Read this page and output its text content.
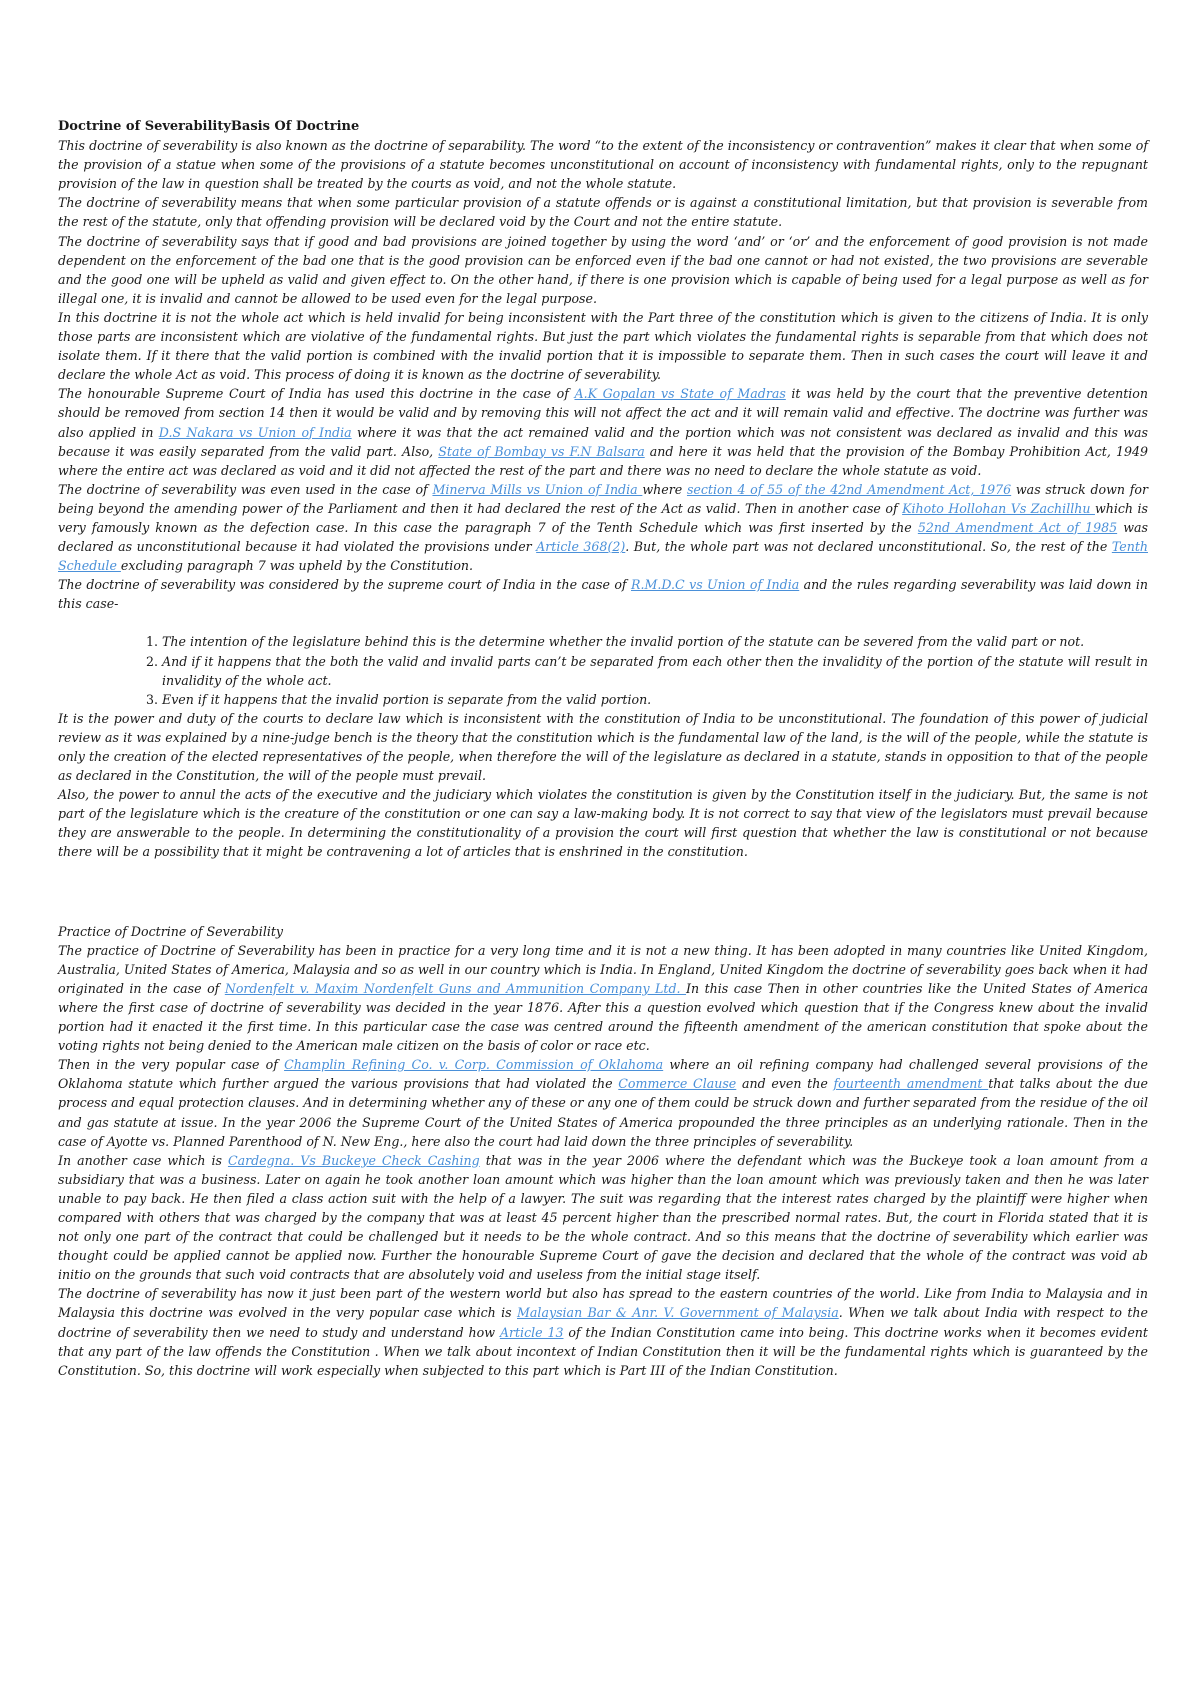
Doctrine of SeverabilityBasis Of Doctrine

This doctrine of severability is also known as the doctrine of separability. The word “to the extent of the inconsistency or contravention” makes it clear that when some of the provision of a statue when some of the provisions of a statute becomes unconstitutional on account of inconsistency with fundamental rights, only to the repugnant provision of the law in question shall be treated by the courts as void, and not the whole statute.

The doctrine of severability means that when some particular provision of a statute offends or is against a constitutional limitation, but that provision is severable from the rest of the statute, only that offending provision will be declared void by the Court and not the entire statute.

The doctrine of severability says that if good and bad provisions are joined together by using the word ‘and’ or ‘or’ and the enforcement of good provision is not made dependent on the enforcement of the bad one that is the good provision can be enforced even if the bad one cannot or had not existed, the two provisions are severable and the good one will be upheld as valid and given effect to. On the other hand, if there is one provision which is capable of being used for a legal purpose as well as for illegal one, it is invalid and cannot be allowed to be used even for the legal purpose.

In this doctrine it is not the whole act which is held invalid for being inconsistent with the Part three of the constitution which is given to the citizens of India. It is only those parts are inconsistent which are violative of the fundamental rights. But just the part which violates the fundamental rights is separable from that which does not isolate them. If it there that the valid portion is combined with the invalid portion that it is impossible to separate them. Then in such cases the court will leave it and declare the whole Act as void. This process of doing it is known as the doctrine of severability.

The honourable Supreme Court of India has used this doctrine in the case of A.K Gopalan vs State of Madras it was held by the court that the preventive detention should be removed from section 14 then it would be valid and by removing this will not affect the act and it will remain valid and effective. The doctrine was further was also applied in D.S Nakara vs Union of India where it was that the act remained valid and the portion which was not consistent was declared as invalid and this was because it was easily separated from the valid part. Also, State of Bombay vs F.N Balsara and here it was held that the provision of the Bombay Prohibition Act, 1949 where the entire act was declared as void and it did not affected the rest of the part and there was no need to declare the whole statute as void.

The doctrine of severability was even used in the case of Minerva Mills vs Union of India where section 4 of 55 of the 42nd Amendment Act, 1976 was struck down for being beyond the amending power of the Parliament and then it had declared the rest of the Act as valid. Then in another case of Kihoto Hollohan Vs Zachillhu which is very famously known as the defection case. In this case the paragraph 7 of the Tenth Schedule which was first inserted by the 52nd Amendment Act of 1985 was declared as unconstitutional because it had violated the provisions under Article 368(2). But, the whole part was not declared unconstitutional. So, the rest of the Tenth Schedule excluding paragraph 7 was upheld by the Constitution.

The doctrine of severability was considered by the supreme court of India in the case of R.M.D.C vs Union of India and the rules regarding severability was laid down in this case-

1. The intention of the legislature behind this is the determine whether the invalid portion of the statute can be severed from the valid part or not.
2. And if it happens that the both the valid and invalid parts can’t be separated from each other then the invalidity of the portion of the statute will result in invalidity of the whole act.
3. Even if it happens that the invalid portion is separate from the valid portion.

It is the power and duty of the courts to declare law which is inconsistent with the constitution of India to be unconstitutional. The foundation of this power of judicial review as it was explained by a nine-judge bench is the theory that the constitution which is the fundamental law of the land, is the will of the people, while the statute is only the creation of the elected representatives of the people, when therefore the will of the legislature as declared in a statute, stands in opposition to that of the people as declared in the Constitution, the will of the people must prevail.

Also, the power to annul the acts of the executive and the judiciary which violates the constitution is given by the Constitution itself in the judiciary. But, the same is not part of the legislature which is the creature of the constitution or one can say a law-making body. It is not correct to say that view of the legislators must prevail because they are answerable to the people. In determining the constitutionality of a provision the court will first question that whether the law is constitutional or not because there will be a possibility that it might be contravening a lot of articles that is enshrined in the constitution.

Practice of Doctrine of Severability

The practice of Doctrine of Severability has been in practice for a very long time and it is not a new thing. It has been adopted in many countries like United Kingdom, Australia, United States of America, Malaysia and so as well in our country which is India. In England, United Kingdom the doctrine of severability goes back when it had originated in the case of Nordenfelt v. Maxim Nordenfelt Guns and Ammunition Company Ltd. In this case Then in other countries like the United States of America where the first case of doctrine of severability was decided in the year 1876. After this a question evolved which question that if the Congress knew about the invalid portion had it enacted it the first time. In this particular case the case was centred around the fifteenth amendment of the american constitution that spoke about the voting rights not being denied to the American male citizen on the basis of color or race etc.

Then in the very popular case of Champlin Refining Co. v. Corp. Commission of Oklahoma where an oil refining company had challenged several provisions of the Oklahoma statute which further argued the various provisions that had violated the Commerce Clause and even the fourteenth amendment that talks about the due process and equal protection clauses. And in determining whether any of these or any one of them could be struck down and further separated from the residue of the oil and gas statute at issue. In the year 2006 the Supreme Court of the United States of America propounded the three principles as an underlying rationale. Then in the case of Ayotte vs. Planned Parenthood of N. New Eng., here also the court had laid down the three principles of severability.

In another case which is Cardegna. Vs Buckeye Check Cashing that was in the year 2006 where the defendant which was the Buckeye took a loan amount from a subsidiary that was a business. Later on again he took another loan amount which was higher than the loan amount which was previously taken and then he was later unable to pay back. He then filed a class action suit with the help of a lawyer. The suit was regarding that the interest rates charged by the plaintiff were higher when compared with others that was charged by the company that was at least 45 percent higher than the prescribed normal rates. But, the court in Florida stated that it is not only one part of the contract that could be challenged but it needs to be the whole contract. And so this means that the doctrine of severability which earlier was thought could be applied cannot be applied now. Further the honourable Supreme Court of gave the decision and declared that the whole of the contract was void ab initio on the grounds that such void contracts that are absolutely void and useless from the initial stage itself.

The doctrine of severability has now it just been part of the western world but also has spread to the eastern countries of the world. Like from India to Malaysia and in Malaysia this doctrine was evolved in the very popular case which is Malaysian Bar & Anr. V. Government of Malaysia. When we talk about India with respect to the doctrine of severability then we need to study and understand how Article 13 of the Indian Constitution came into being. This doctrine works when it becomes evident that any part of the law offends the Constitution . When we talk about incontext of Indian Constitution then it will be the fundamental rights which is guaranteed by the Constitution. So, this doctrine will work especially when subjected to this part which is Part III of the Indian Constitution.
